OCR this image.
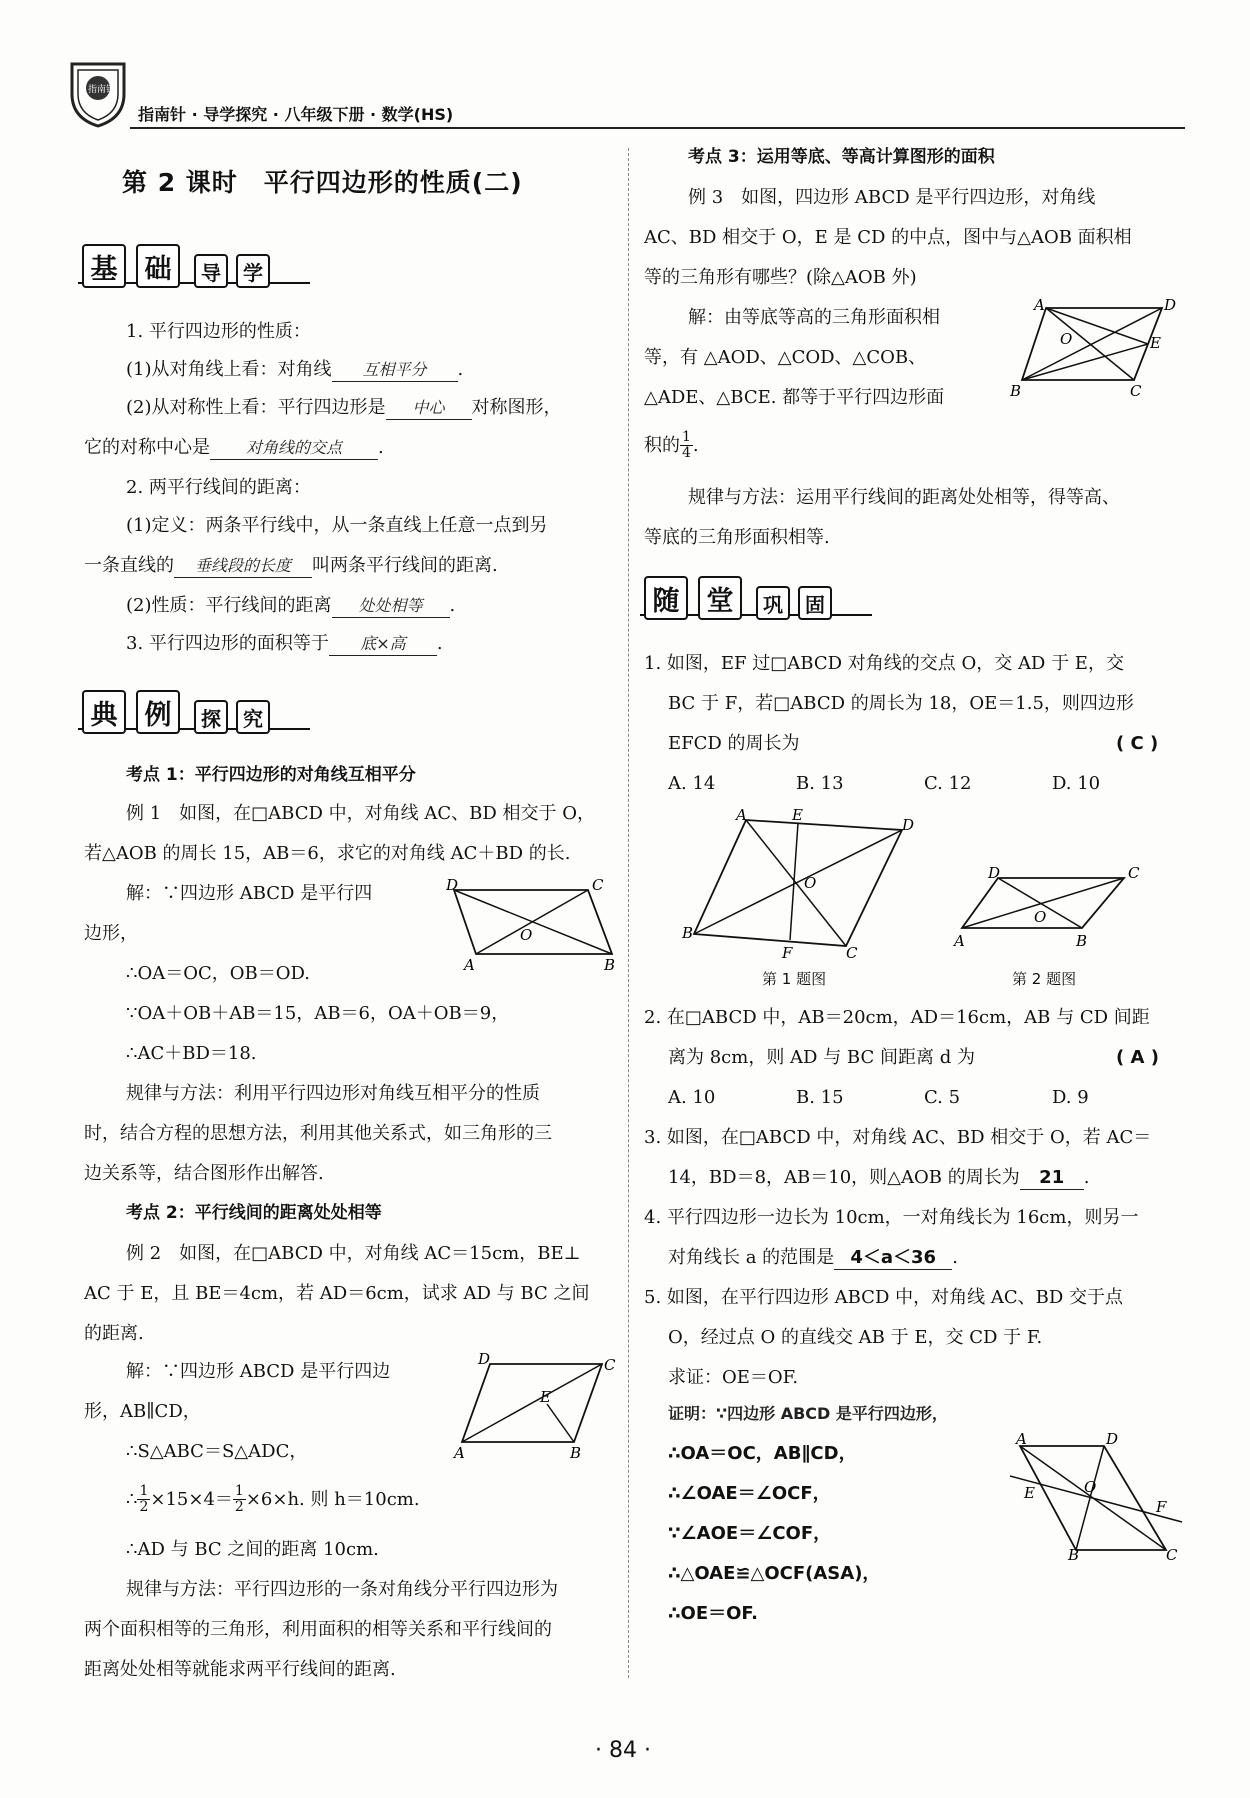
指南针
指南针 · 导学探究 · 八年级下册 · 数学(HS)
第 2 课时　平行四边形的性质(二)
基	础	导	学
1. 平行四边形的性质：
(1)从对角线上看：对角线 互相平分 .
(2)从对称性上看：平行四边形是 中心 对称图形，
它的对称中心是 对角线的交点 .
2. 两平行线间的距离：
(1)定义：两条平行线中，从一条直线上任意一点到另
一条直线的 垂线段的长度 叫两条平行线间的距离.
(2)性质：平行线间的距离 处处相等 .
3. 平行四边形的面积等于 底×高 .
典	例	探	究
考点 1：平行四边形的对角线互相平分
例 1　如图，在□ABCD 中，对角线 AC、BD 相交于 O，
若△AOB 的周长 15，AB＝6，求它的对角线 AC＋BD 的长.
解：∵四边形 ABCD 是平行四
边形，
∴OA＝OC，OB＝OD.
∵OA＋OB＋AB＝15，AB＝6，OA＋OB＝9，
∴AC＋BD＝18.
规律与方法：利用平行四边形对角线互相平分的性质
时，结合方程的思想方法，利用其他关系式，如三角形的三
边关系等，结合图形作出解答.
D	C
A	B
O
考点 2：平行线间的距离处处相等
例 2　如图，在□ABCD 中，对角线 AC＝15cm，BE⊥
AC 于 E，且 BE＝4cm，若 AD＝6cm，试求 AD 与 BC 之间
的距离.
解：∵四边形 ABCD 是平行四边
形，AB∥CD，
∴S△ABC＝S△ADC，
∴ $\frac{1}{2} \times 15\times 4= \frac{1}{2} \times 6\times h$. 则 h＝10cm.
∴AD 与 BC 之间的距离 10cm.
规律与方法：平行四边形的一条对角线分平行四边形为
两个面积相等的三角形，利用面积的相等关系和平行线间的
距离处处相等就能求两平行线间的距离.
D	C
A	B
E
考点 3：运用等底、等高计算图形的面积
例 3　如图，四边形 ABCD 是平行四边形，对角线
AC、BD 相交于 O，E 是 CD 的中点，图中与△AOB 面积相
等的三角形有哪些？(除△AOB 外)
解：由等底等高的三角形面积相
等，有 △AOD、△COD、△COB、
△ADE、△BCE. 都等于平行四边形面
积的 $\frac{1}{4}$ .
规律与方法：运用平行线间的距离处处相等，得等高、
等底的三角形面积相等.
A	D
B	C
E
O
随	堂	巩	固
1. 如图，EF 过□ABCD 对角线的交点 O，交 AD 于 E，交
BC 于 F，若□ABCD 的周长为 18，OE＝1.5，则四边形
EFCD 的周长为	( C )
A. 14	B. 13	C. 12	D. 10
A	E
D
B
F	C
O
第 1 题图
D	C
A	B
O
第 2 题图
2. 在□ABCD 中，AB＝20cm，AD＝16cm，AB 与 CD 间距
离为 8cm，则 AD 与 BC 间距离 d 为	( A )
A. 10	B. 15	C. 5	D. 9
3. 如图，在□ABCD 中，对角线 AC、BD 相交于 O，若 AC＝
14，BD＝8，AB＝10，则△AOB 的周长为 21 .
4. 平行四边形一边长为 10cm，一对角线长为 16cm，则另一
对角线长 a 的范围是 4＜a＜36 .
5. 如图，在平行四边形 ABCD 中，对角线 AC、BD 交于点
O，经过点 O 的直线交 AB 于 E，交 CD 于 F.
求证：OE＝OF.
证明：∵四边形 ABCD 是平行四边形，
∴OA＝OC，AB∥CD，
∴∠OAE＝∠OCF，
∵∠AOE＝∠COF，
∴△OAE≌△OCF(ASA)，
∴OE＝OF.
A	D
B	C
E
F
O
· 84 ·
